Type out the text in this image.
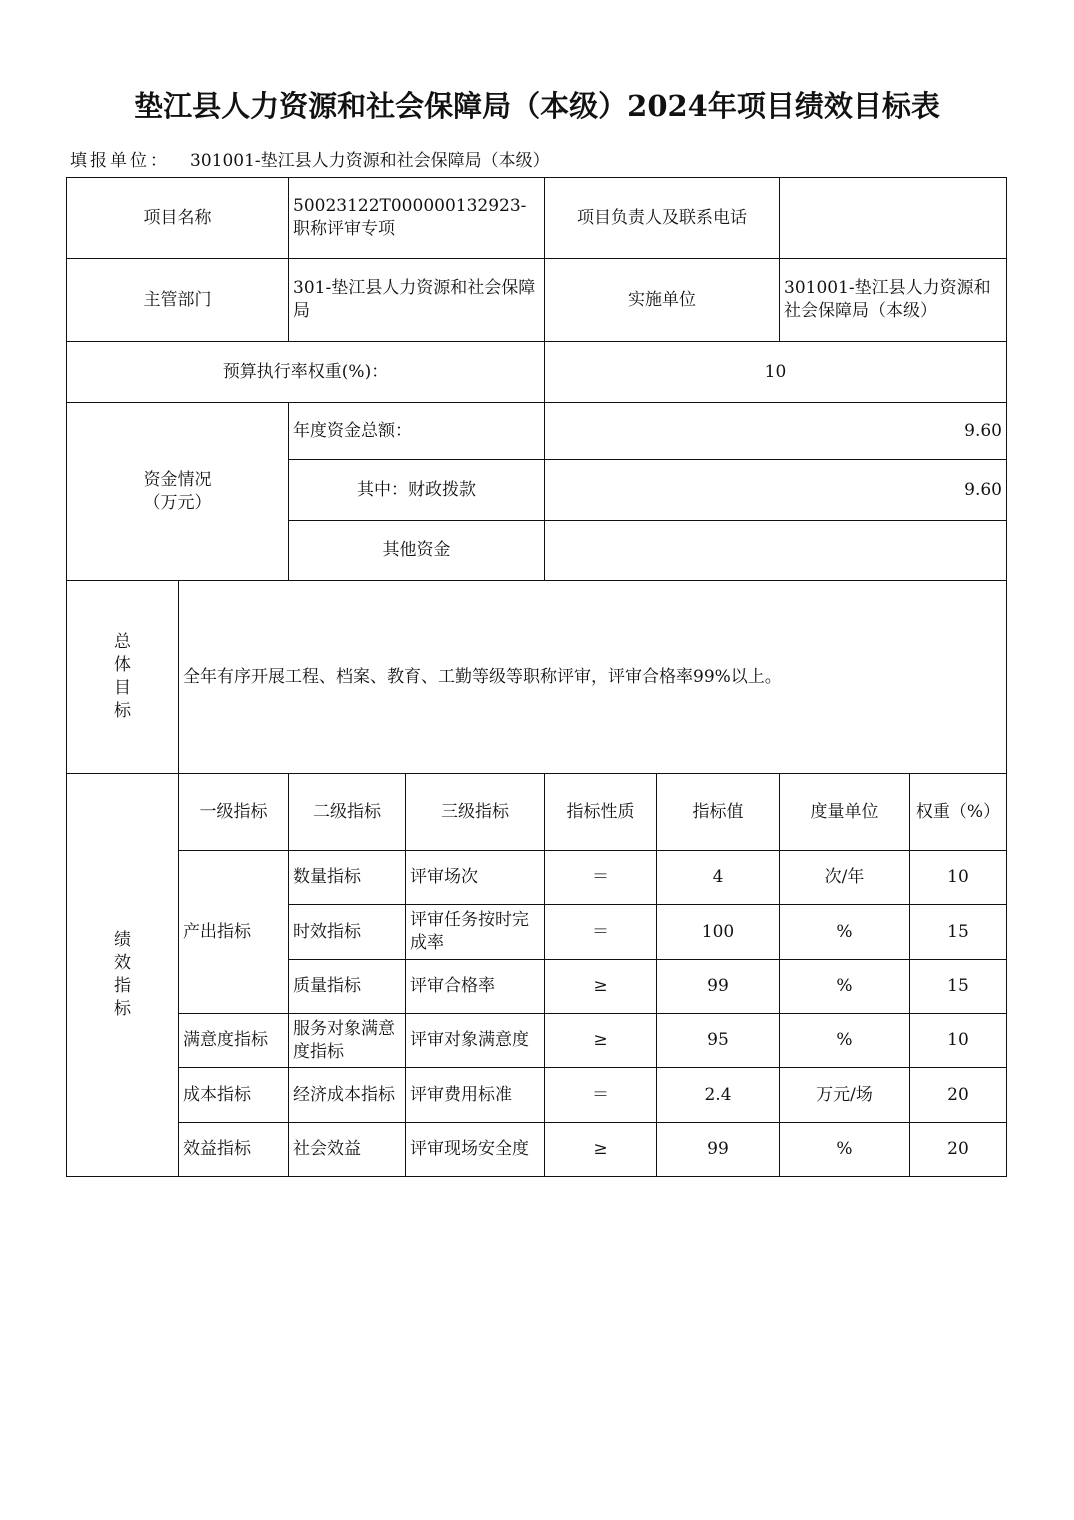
垫江县人力资源和社会保障局（本级）2024年项目绩效目标表
填报单位： 301001-垫江县人力资源和社会保障局（本级）
项目名称		50023122T000000132923-职称评审专项		项目负责人及联系电话			
主管部门		301-垫江县人力资源和社会保障局		实施单位		301001-垫江县人力资源和社会保障局（本级）	
预算执行率权重(%)：				10			
资金情况
（万元）		年度资金总额：		9.60			
		其中：财政拨款		9.60			
		其他资金					
总
体
目
标	全年有序开展工程、档案、教育、工勤等级等职称评审，评审合格率99%以上。						
绩
效
指
标	一级指标	二级指标	三级指标	指标性质	指标值	度量单位	权重（%）
	产出指标	数量指标	评审场次	＝	4	次/年	10
		时效指标	评审任务按时完成率	＝	100	%	15
		质量指标	评审合格率	≥	99	%	15
	满意度指标	服务对象满意度指标	评审对象满意度	≥	95	%	10
	成本指标	经济成本指标	评审费用标准	＝	2.4	万元/场	20
	效益指标	社会效益	评审现场安全度	≥	99	%	20
